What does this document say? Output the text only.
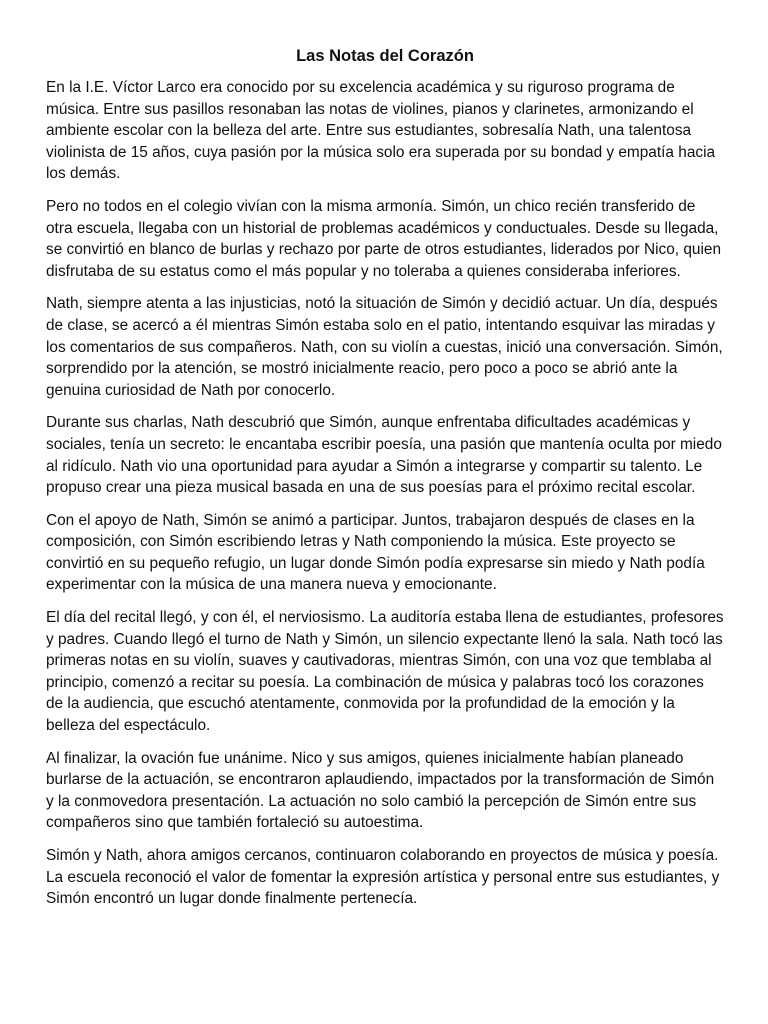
Las Notas del Corazón

En la I.E. Víctor Larco era conocido por su excelencia académica y su riguroso programa de música. Entre sus pasillos resonaban las notas de violines, pianos y clarinetes, armonizando el ambiente escolar con la belleza del arte. Entre sus estudiantes, sobresalía Nath, una talentosa violinista de 15 años, cuya pasión por la música solo era superada por su bondad y empatía hacia los demás.

Pero no todos en el colegio vivían con la misma armonía. Simón, un chico recién transferido de otra escuela, llegaba con un historial de problemas académicos y conductuales. Desde su llegada, se convirtió en blanco de burlas y rechazo por parte de otros estudiantes, liderados por Nico, quien disfrutaba de su estatus como el más popular y no toleraba a quienes consideraba inferiores.

Nath, siempre atenta a las injusticias, notó la situación de Simón y decidió actuar. Un día, después de clase, se acercó a él mientras Simón estaba solo en el patio, intentando esquivar las miradas y los comentarios de sus compañeros. Nath, con su violín a cuestas, inició una conversación. Simón, sorprendido por la atención, se mostró inicialmente reacio, pero poco a poco se abrió ante la genuina curiosidad de Nath por conocerlo.

Durante sus charlas, Nath descubrió que Simón, aunque enfrentaba dificultades académicas y sociales, tenía un secreto: le encantaba escribir poesía, una pasión que mantenía oculta por miedo al ridículo. Nath vio una oportunidad para ayudar a Simón a integrarse y compartir su talento. Le propuso crear una pieza musical basada en una de sus poesías para el próximo recital escolar.

Con el apoyo de Nath, Simón se animó a participar. Juntos, trabajaron después de clases en la composición, con Simón escribiendo letras y Nath componiendo la música. Este proyecto se convirtió en su pequeño refugio, un lugar donde Simón podía expresarse sin miedo y Nath podía experimentar con la música de una manera nueva y emocionante.

El día del recital llegó, y con él, el nerviosismo. La auditoría estaba llena de estudiantes, profesores y padres. Cuando llegó el turno de Nath y Simón, un silencio expectante llenó la sala. Nath tocó las primeras notas en su violín, suaves y cautivadoras, mientras Simón, con una voz que temblaba al principio, comenzó a recitar su poesía. La combinación de música y palabras tocó los corazones de la audiencia, que escuchó atentamente, conmovida por la profundidad de la emoción y la belleza del espectáculo.

Al finalizar, la ovación fue unánime. Nico y sus amigos, quienes inicialmente habían planeado burlarse de la actuación, se encontraron aplaudiendo, impactados por la transformación de Simón y la conmovedora presentación. La actuación no solo cambió la percepción de Simón entre sus compañeros sino que también fortaleció su autoestima.

Simón y Nath, ahora amigos cercanos, continuaron colaborando en proyectos de música y poesía. La escuela reconoció el valor de fomentar la expresión artística y personal entre sus estudiantes, y Simón encontró un lugar donde finalmente pertenecía.
